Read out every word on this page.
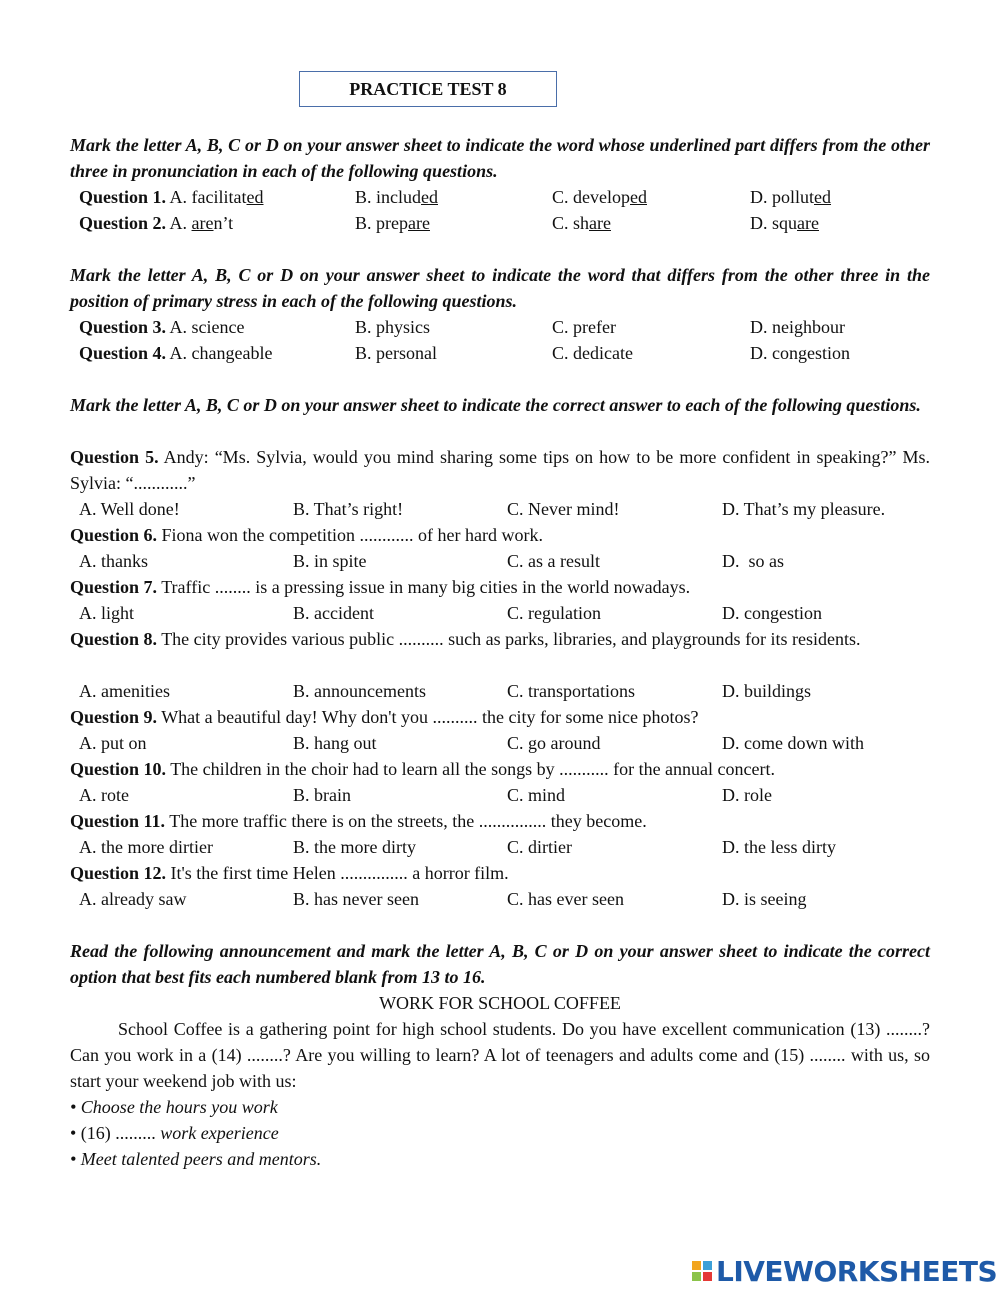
PRACTICE TEST 8
Mark the letter A, B, C or D on your answer sheet to indicate the word whose underlined part differs from the other three in pronunciation in each of the following questions.
Question 1. A. facilitated	B. included	C. developed	D. polluted
Question 2. A. aren’t	B. prepare	C. share	D. square
Mark the letter A, B, C or D on your answer sheet to indicate the word that differs from the other three in the position of primary stress in each of the following questions.
Question 3. A. science	B. physics	C. prefer	D. neighbour
Question 4. A. changeable	B. personal	C. dedicate	D. congestion
Mark the letter A, B, C or D on your answer sheet to indicate the correct answer to each of the following questions.
Question 5. Andy: “Ms. Sylvia, would you mind sharing some tips on how to be more confident in speaking?” Ms. Sylvia: “............”
A. Well done!	B. That’s right!	C. Never mind!	D. That’s my pleasure.
Question 6. Fiona won the competition ............ of her hard work.
A. thanks	B. in spite	C. as a result	D.  so as
Question 7. Traffic ........ is a pressing issue in many big cities in the world nowadays.
A. light	B. accident	C. regulation	D. congestion
Question 8. The city provides various public .......... such as parks, libraries, and playgrounds for its residents.
A. amenities	B. announcements	C. transportations	D. buildings
Question 9. What a beautiful day! Why don't you .......... the city for some nice photos?
A. put on	B. hang out	C. go around	D. come down with
Question 10. The children in the choir had to learn all the songs by ........... for the annual concert.
A. rote	B. brain	C. mind	D. role
Question 11. The more traffic there is on the streets, the ............... they become.
A. the more dirtier	B. the more dirty	C. dirtier	D. the less dirty
Question 12. It's the first time Helen ............... a horror film.
A. already saw	B. has never seen	C. has ever seen	D. is seeing
Read the following announcement and mark the letter A, B, C or D on your answer sheet to indicate the correct option that best fits each numbered blank from 13 to 16.
WORK FOR SCHOOL COFFEE
School Coffee is a gathering point for high school students. Do you have excellent communication (13) ........? Can you work in a (14) ........? Are you willing to learn? A lot of teenagers and adults come and (15) ........ with us, so start your weekend job with us:
• Choose the hours you work
• (16) ......... work experience
• Meet talented peers and mentors.
LIVEWORKSHEETS
